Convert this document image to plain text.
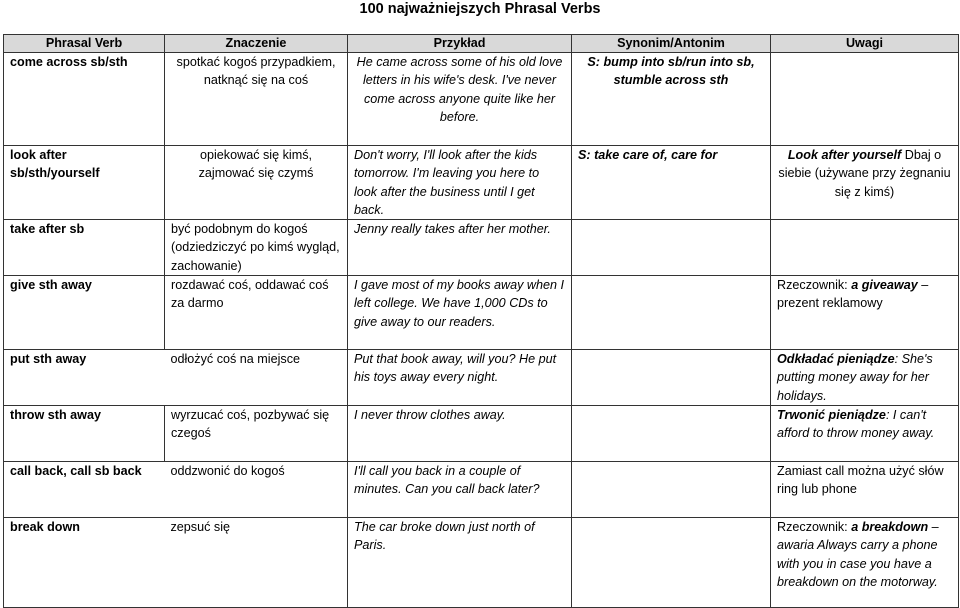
100 najważniejszych Phrasal Verbs
Phrasal Verb	Znaczenie	Przykład	Synonim/Antonim	Uwagi
come across sb/sth	spotkać kogoś przypadkiem, natknąć się na coś	He came across some of his old love letters in his wife's desk. I've never come across anyone quite like her before.	S: bump into sb/run into sb, stumble across sth	
look after sb/sth/yourself	opiekować się kimś, zajmować się czymś	Don't worry, I'll look after the kids tomorrow. I'm leaving you here to look after the business until I get back.	S: take care of, care for	Look after yourself Dbaj o siebie (używane przy żegnaniu się z kimś)
take after sb	być podobnym do kogoś (odziedziczyć po kimś wygląd, zachowanie)	Jenny really takes after her mother.		
give sth away	rozdawać coś, oddawać coś za darmo	I gave most of my books away when I left college. We have 1,000 CDs to give away to our readers.		Rzeczownik: a giveaway – prezent reklamowy
put sth away	odłożyć coś na miejsce	Put that book away, will you? He put his toys away every night.		Odkładać pieniądze: She's putting money away for her holidays.
throw sth away	wyrzucać coś, pozbywać się czegoś	I never throw clothes away.		Trwonić pieniądze: I can't afford to throw money away.
call back, call sb back	oddzwonić do kogoś	I'll call you back in a couple of minutes. Can you call back later?		Zamiast call można użyć słów ring lub phone
break down	zepsuć się	The car broke down just north of Paris.		Rzeczownik: a breakdown – awaria Always carry a phone with you in case you have a breakdown on the motorway.
